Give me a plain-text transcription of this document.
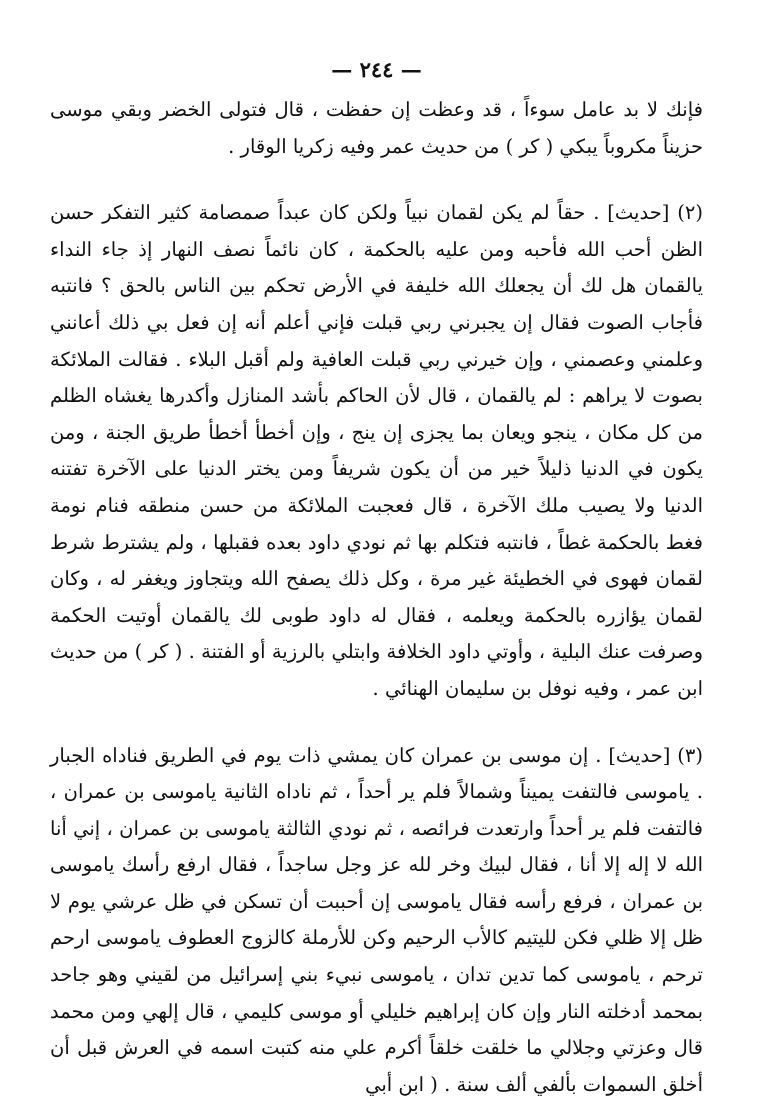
— ٢٤٤ —

فإنك لا بد عامل سوءاً ، قد وعظت إن حفظت ، قال فتولى الخضر وبقي موسى حزيناً مكروباً يبكي ( كر ) من حديث عمر وفيه زكريا الوقار .

(٢) [حديث] . حقاً لم يكن لقمان نبياً ولكن كان عبداً صمصامة كثير التفكر حسن الظن أحب الله فأحبه ومن عليه بالحكمة ، كان نائماً نصف النهار إذ جاء النداء يالقمان هل لك أن يجعلك الله خليفة في الأرض تحكم بين الناس بالحق ؟ فانتبه فأجاب الصوت فقال إن يجبرني ربي قبلت فإني أعلم أنه إن فعل بي ذلك أعانني وعلمني وعصمني ، وإن خيرني ربي قبلت العافية ولم أقبل البلاء . فقالت الملائكة بصوت لا يراهم : لم يالقمان ، قال لأن الحاكم بأشد المنازل وأكدرها يغشاه الظلم من كل مكان ، ينجو ويعان بما يجزى إن ينج ، وإن أخطأ أخطأ طريق الجنة ، ومن يكون في الدنيا ذليلاً خير من أن يكون شريفاً ومن يختر الدنيا على الآخرة تفتنه الدنيا ولا يصيب ملك الآخرة ، قال فعجبت الملائكة من حسن منطقه فنام نومة فغط بالحكمة غطاً ، فانتبه فتكلم بها ثم نودي داود بعده فقبلها ، ولم يشترط شرط لقمان فهوى في الخطيئة غير مرة ، وكل ذلك يصفح الله ويتجاوز ويغفر له ، وكان لقمان يؤازره بالحكمة ويعلمه ، فقال له داود طوبى لك يالقمان أوتيت الحكمة وصرفت عنك البلية ، وأوتي داود الخلافة وابتلي بالرزية أو الفتنة . ( كر ) من حديث ابن عمر ، وفيه نوفل بن سليمان الهنائي .

(٣) [حديث] . إن موسى بن عمران كان يمشي ذات يوم في الطريق فناداه الجبار . ياموسى فالتفت يميناً وشمالاً فلم ير أحداً ، ثم ناداه الثانية ياموسى بن عمران ، فالتفت فلم ير أحداً وارتعدت فرائصه ، ثم نودي الثالثة ياموسى بن عمران ، إني أنا الله لا إله إلا أنا ، فقال لبيك وخر لله عز وجل ساجداً ، فقال ارفع رأسك ياموسى بن عمران ، فرفع رأسه فقال ياموسى إن أحببت أن تسكن في ظل عرشي يوم لا ظل إلا ظلي فكن لليتيم كالأب الرحيم وكن للأرملة كالزوج العطوف ياموسى ارحم ترحم ، ياموسى كما تدين تدان ، ياموسى نبيء بني إسرائيل من لقيني وهو جاحد بمحمد أدخلته النار وإن كان إبراهيم خليلي أو موسى كليمي ، قال إلهي ومن محمد قال وعزتي وجلالي ما خلقت خلقاً أكرم علي منه كتبت اسمه في العرش قبل أن أخلق السموات بألفي ألف سنة . ( ابن أبي
